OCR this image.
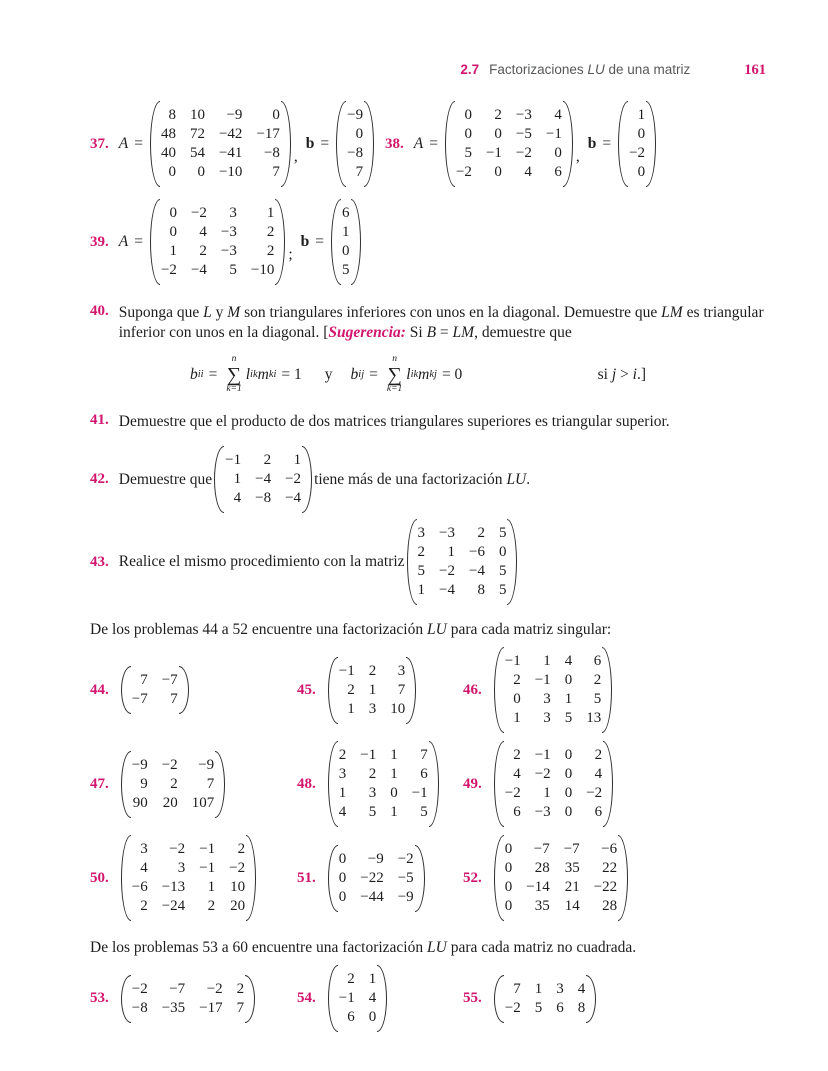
2.7 Factorizaciones LU de una matriz	161
37. A =
8 10 −9 0
48 72 −42 −17
40 54 −41 −8
0 0 −10 7
,
b =
−9
0
−8
7
38. A =
0 2 −3 4
0 0 −5 −1
5 −1 −2 0
−2 0 4 6
,
b =
1
0
−2
0
39. A =
0 −2 3 1
0 4 −3 2
1 2 −3 2
−2 −4 5 −10
;
b =
6
1
0
5
40. Suponga que L y M son triangulares inferiores con unos en la diagonal. Demuestre que LM es triangular inferior con unos en la diagonal. [Sugerencia: Si B = LM, demuestre que
b ii =
n
∑
k=1
l ik m ki = 1 y b ij =
n
∑
k=1
l ik m kj = 0	si j > i.]
41. Demuestre que el producto de dos matrices triangulares superiores es triangular superior.
42. Demuestre que
−1 2 1
1 −4 −2
4 −8 −4
tiene más de una factorización LU.
43. Realice el mismo procedimiento con la matriz
3 −3 2 5
2 1 −6 0
5 −2 −4 5
1 −4 8 5
De los problemas 44 a 52 encuentre una factorización LU para cada matriz singular:
44.
7 −7
−7 7
45.
−1 2 3
2 1 7
1 3 10
46.
−1 1 4 6
2 −1 0 2
0 3 1 5
1 3 5 13
47.
−9 −2 −9
9 2 7
90 20 107
48.
2 −1 1 7
3 2 1 6
1 3 0 −1
4 5 1 5
49.
2 −1 0 2
4 −2 0 4
−2 1 0 −2
6 −3 0 6
50.
3 −2 −1 2
4 3 −1 −2
−6 −13 1 10
2 −24 2 20
51.
0 −9 −2
0 −22 −5
0 −44 −9
52.
0 −7 −7 −6
0 28 35 22
0 −14 21 −22
0 35 14 28
De los problemas 53 a 60 encuentre una factorización LU para cada matriz no cuadrada.
53.
−2 −7 −2 2
−8 −35 −17 7
54.
2 1
−1 4
6 0
55.
7 1 3 4
−2 5 6 8
